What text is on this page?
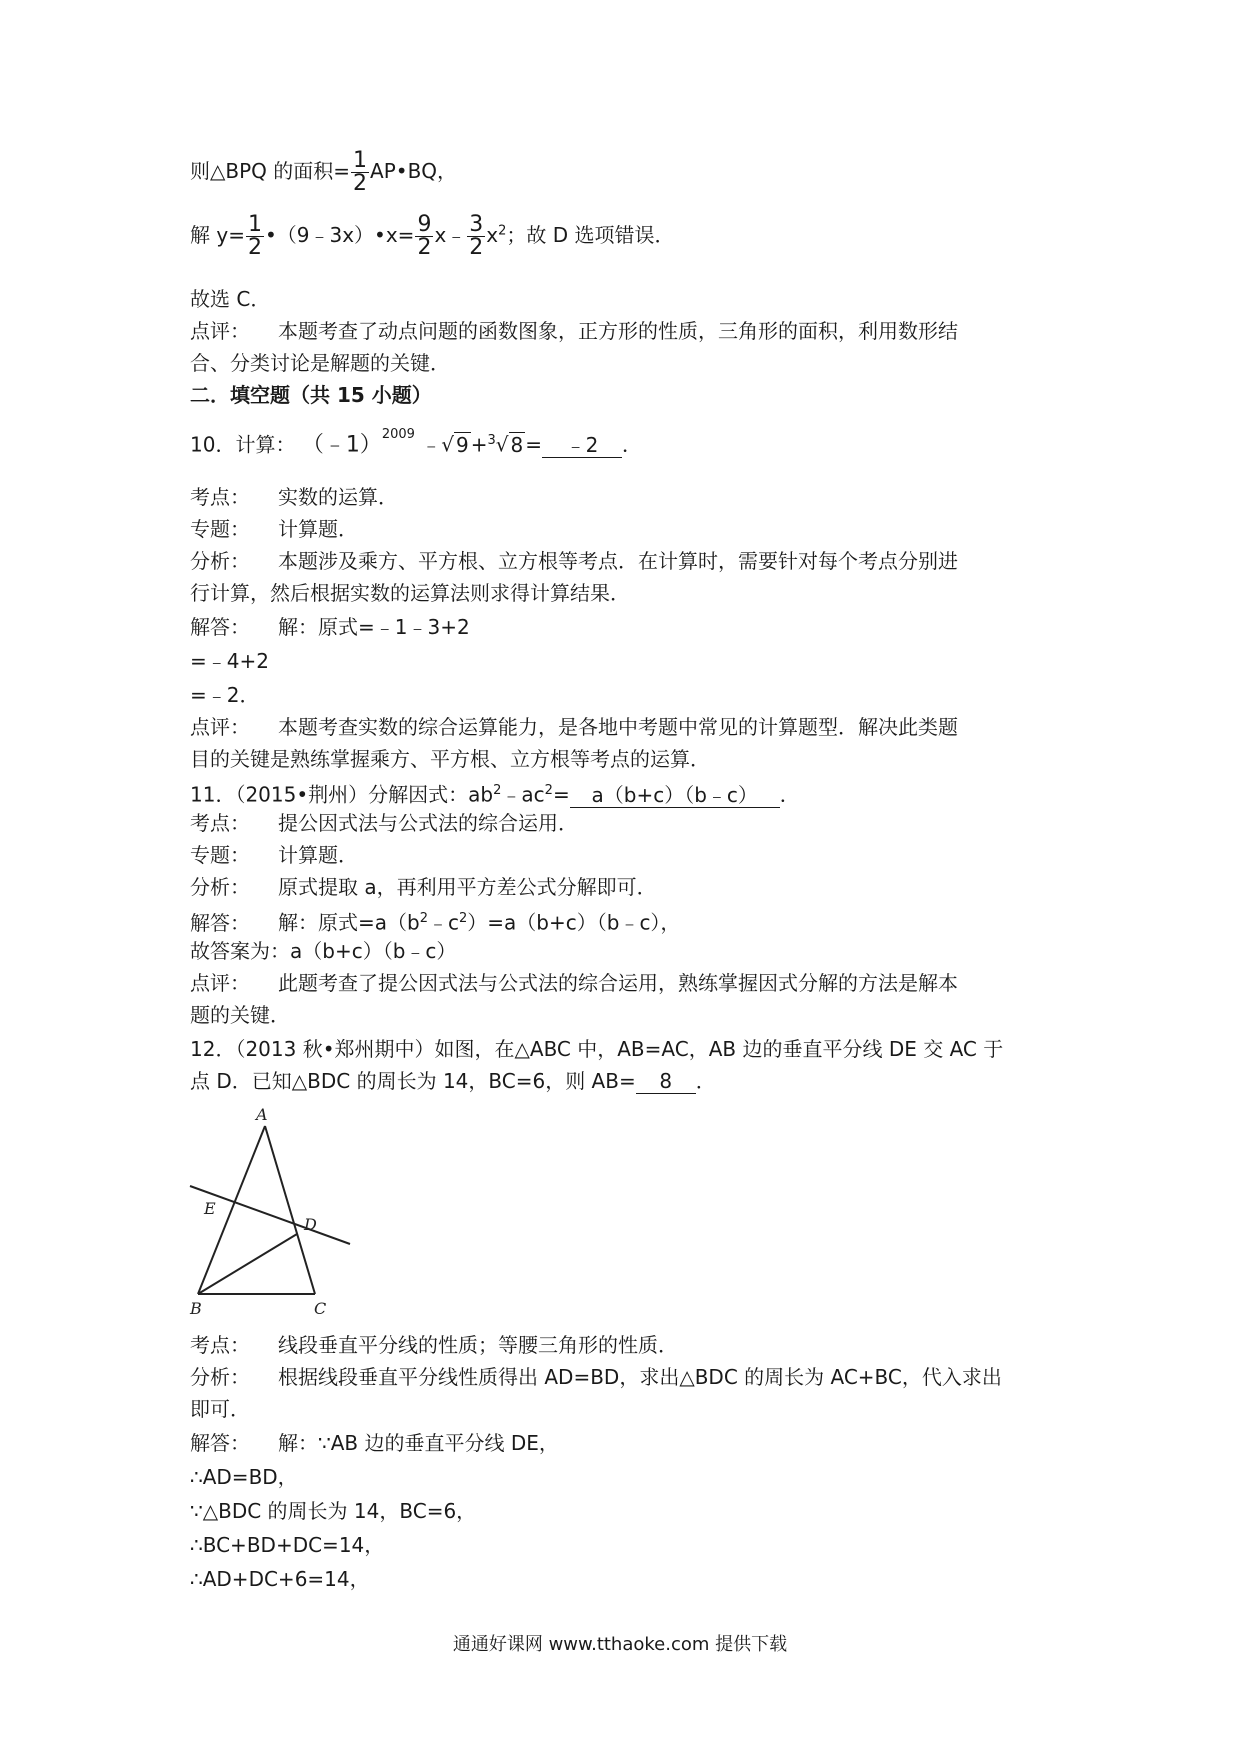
则△BPQ 的面积= $\frac{1}{2}$ AP•BQ，
解 $y= \frac{1}{2}$ •（9﹣3x）•x= $\frac{9}{2}$ x﹣ $\frac{3}{2} x^2$；故 D 选项错误．
故选 C．
点评： 本题考查了动点问题的函数图象，正方形的性质，三角形的面积，利用数形结
合、分类讨论是解题的关键．
二．填空题（共 15 小题）
10．计算： （﹣1）$^{2009}$ ﹣√ 9 +$^3$√ 8 = ﹣2 ．
考点： 实数的运算．
专题： 计算题．
分析： 本题涉及乘方、平方根、立方根等考点．在计算时，需要针对每个考点分别进
行计算，然后根据实数的运算法则求得计算结果．
解答： 解：原式=﹣1﹣3+2
=﹣4+2
=﹣2．
点评： 本题考查实数的综合运算能力，是各地中考题中常见的计算题型．解决此类题
目的关键是熟练掌握乘方、平方根、立方根等考点的运算．
11．（2015•荆州）分解因式：$ab^2﹣ac^2=$ a（b+c）（b﹣c） ．
考点： 提公因式法与公式法的综合运用．
专题： 计算题．
分析： 原式提取 a，再利用平方差公式分解即可．
解答： 解：原式$=a(b^2﹣c^2)=a(b+c)(b﹣c)$，
故答案为：a（b+c）（b﹣c）
点评： 此题考查了提公因式法与公式法的综合运用，熟练掌握因式分解的方法是解本
题的关键．
12．（2013 秋•郑州期中）如图，在△ABC 中，AB=AC，AB 边的垂直平分线 DE 交 AC 于
点 D．已知△BDC 的周长为 14，BC=6，则 AB= 8 ．
A
E
D
B	C
考点： 线段垂直平分线的性质；等腰三角形的性质．
分析： 根据线段垂直平分线性质得出 AD=BD，求出△BDC 的周长为 AC+BC，代入求出
即可．
解答： 解：∵AB 边的垂直平分线 DE，
∴AD=BD，
∵△BDC 的周长为 14，BC=6，
∴BC+BD+DC=14，
∴AD+DC+6=14，
通通好课网 www.tthaoke.com 提供下载
